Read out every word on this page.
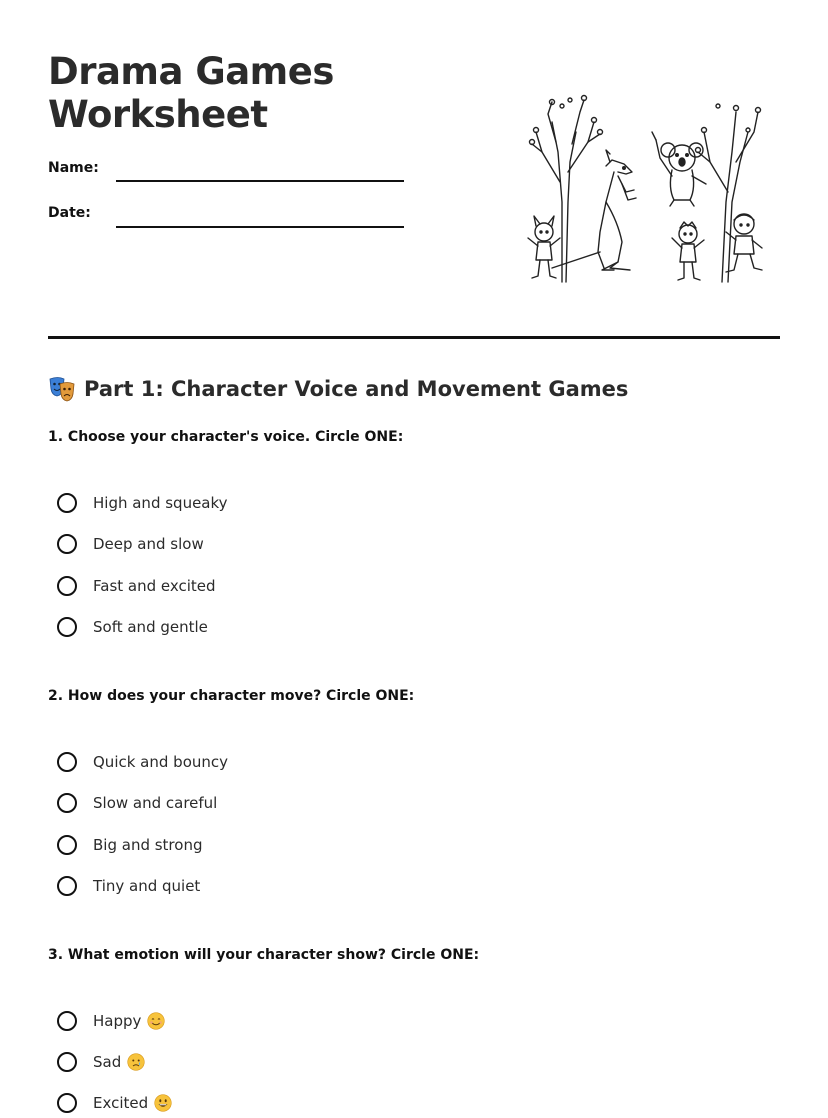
Drama Games
Worksheet
Name:
Date:
Part 1: Character Voice and Movement Games
1. Choose your character's voice. Circle ONE:
High and squeaky
Deep and slow
Fast and excited
Soft and gentle
2. How does your character move? Circle ONE:
Quick and bouncy
Slow and careful
Big and strong
Tiny and quiet
3. What emotion will your character show? Circle ONE:
Happy
Sad
Excited
